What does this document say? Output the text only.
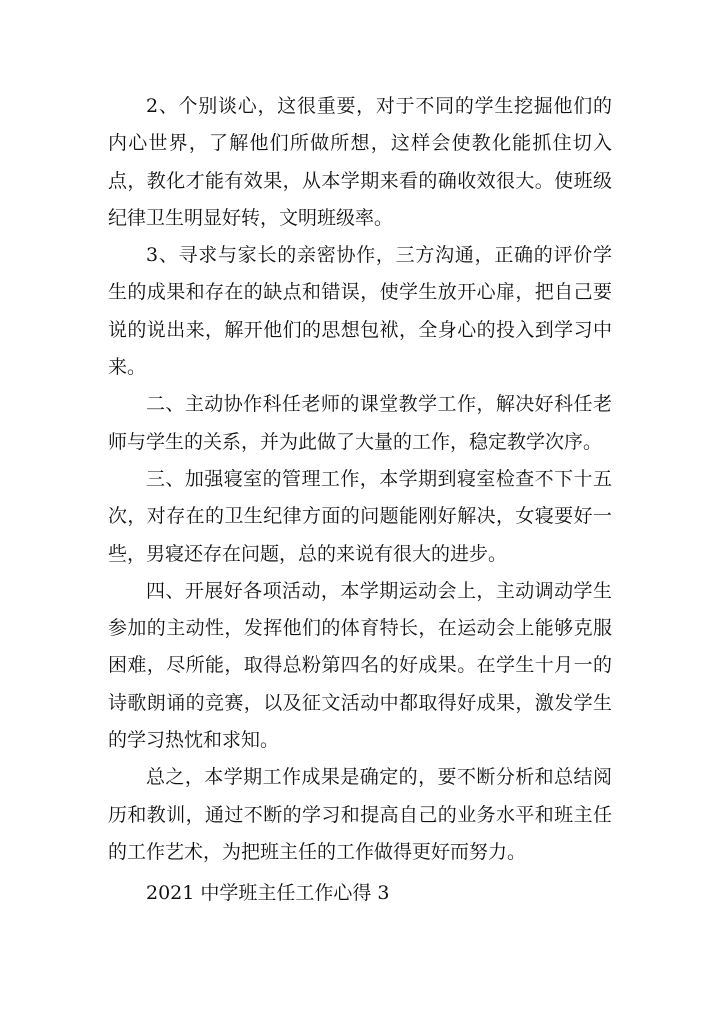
2、个别谈心，这很重要，对于不同的学生挖掘他们的内心世界，了解他们所做所想，这样会使教化能抓住切入点，教化才能有效果，从本学期来看的确收效很大。使班级纪律卫生明显好转，文明班级率。

3、寻求与家长的亲密协作，三方沟通，正确的评价学生的成果和存在的缺点和错误，使学生放开心扉，把自己要说的说出来，解开他们的思想包袱，全身心的投入到学习中来。

二、主动协作科任老师的课堂教学工作，解决好科任老师与学生的关系，并为此做了大量的工作，稳定教学次序。

三、加强寝室的管理工作，本学期到寝室检查不下十五次，对存在的卫生纪律方面的问题能刚好解决，女寝要好一些，男寝还存在问题，总的来说有很大的进步。

四、开展好各项活动，本学期运动会上，主动调动学生参加的主动性，发挥他们的体育特长，在运动会上能够克服困难，尽所能，取得总粉第四名的好成果。在学生十月一的诗歌朗诵的竞赛，以及征文活动中都取得好成果，激发学生的学习热忱和求知。

总之，本学期工作成果是确定的，要不断分析和总结阅历和教训，通过不断的学习和提高自己的业务水平和班主任的工作艺术，为把班主任的工作做得更好而努力。

2021 中学班主任工作心得 3
